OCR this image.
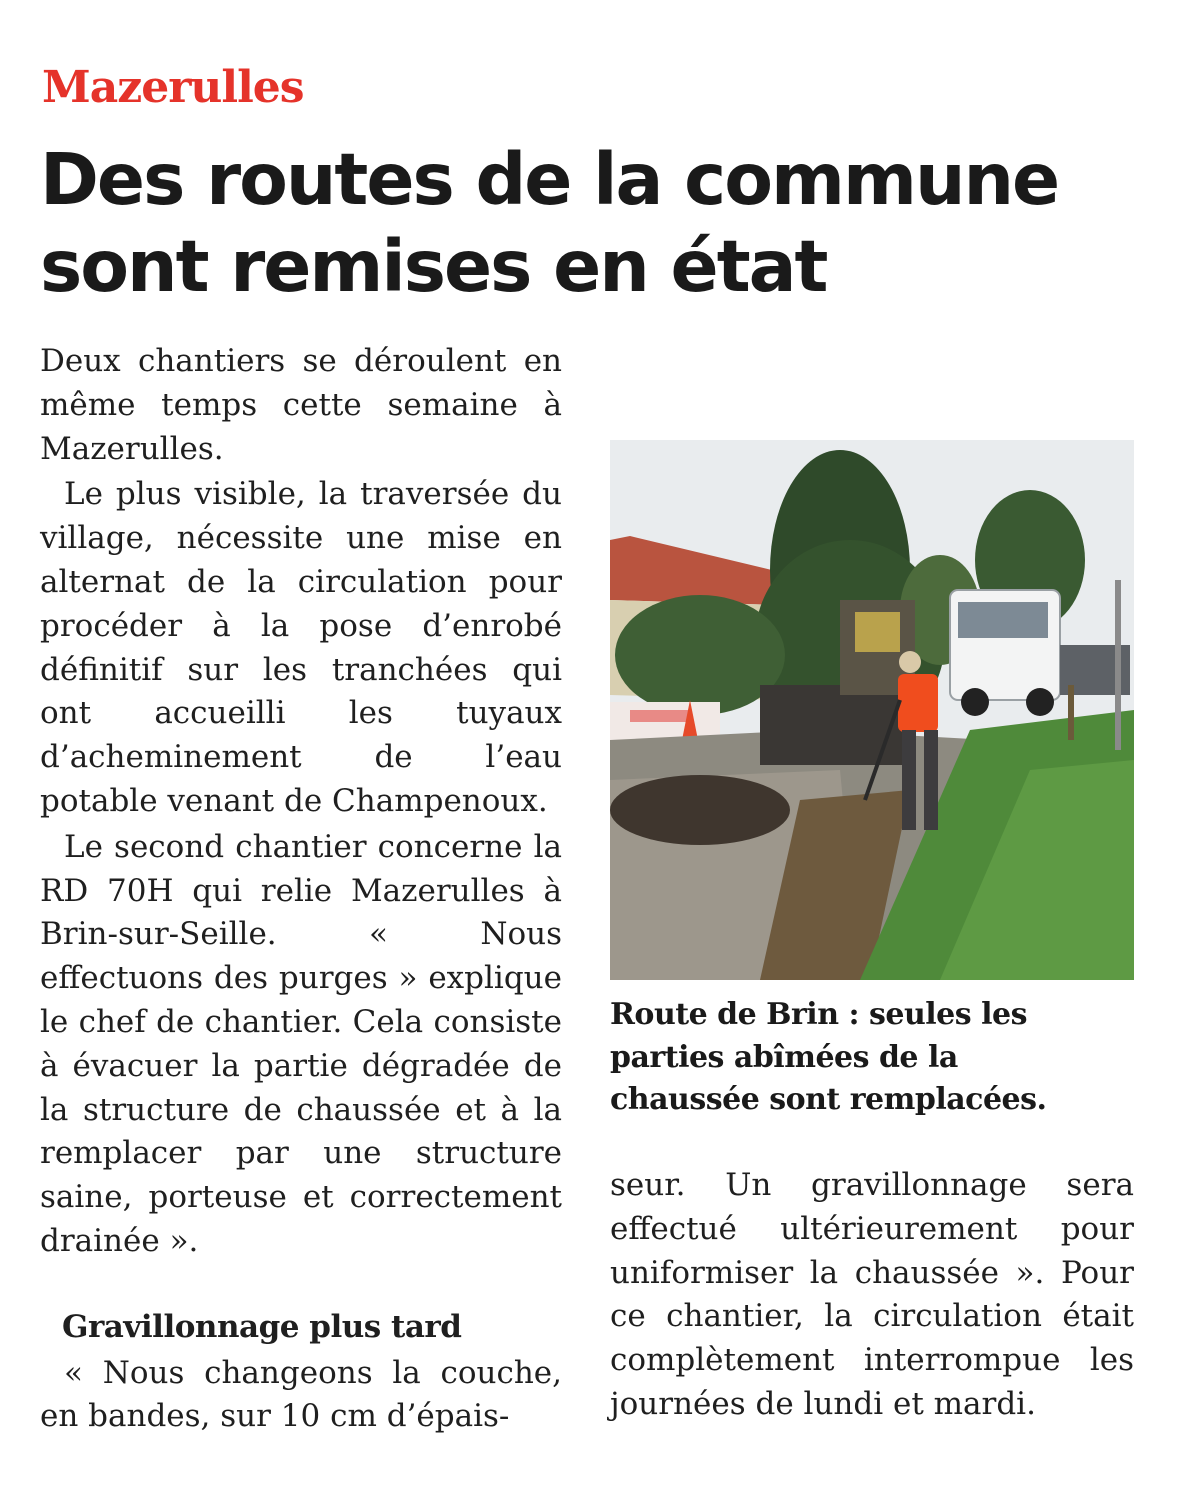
Mazerulles
Des routes de la commune sont remises en état

Deux chantiers se déroulent en même temps cette semaine à Mazerulles.

Le plus visible, la traversée du village, nécessite une mise en alternat de la circulation pour procéder à la pose d’enrobé définitif sur les tranchées qui ont accueilli les tuyaux d’acheminement de l’eau potable venant de Champenoux.

Le second chantier concerne la RD 70H qui relie Mazerulles à Brin-sur-Seille. « Nous effectuons des purges » explique le chef de chantier. Cela consiste à évacuer la partie dégradée de la structure de chaussée et à la remplacer par une structure saine, porteuse et correctement drainée ».

Gravillonnage plus tard

« Nous changeons la couche, en bandes, sur 10 cm d’épais-

Route de Brin : seules les parties abîmées de la chaussée sont remplacées.

seur. Un gravillonnage sera effectué ultérieurement pour uniformiser la chaussée ». Pour ce chantier, la circulation était complètement interrompue les journées de lundi et mardi.
